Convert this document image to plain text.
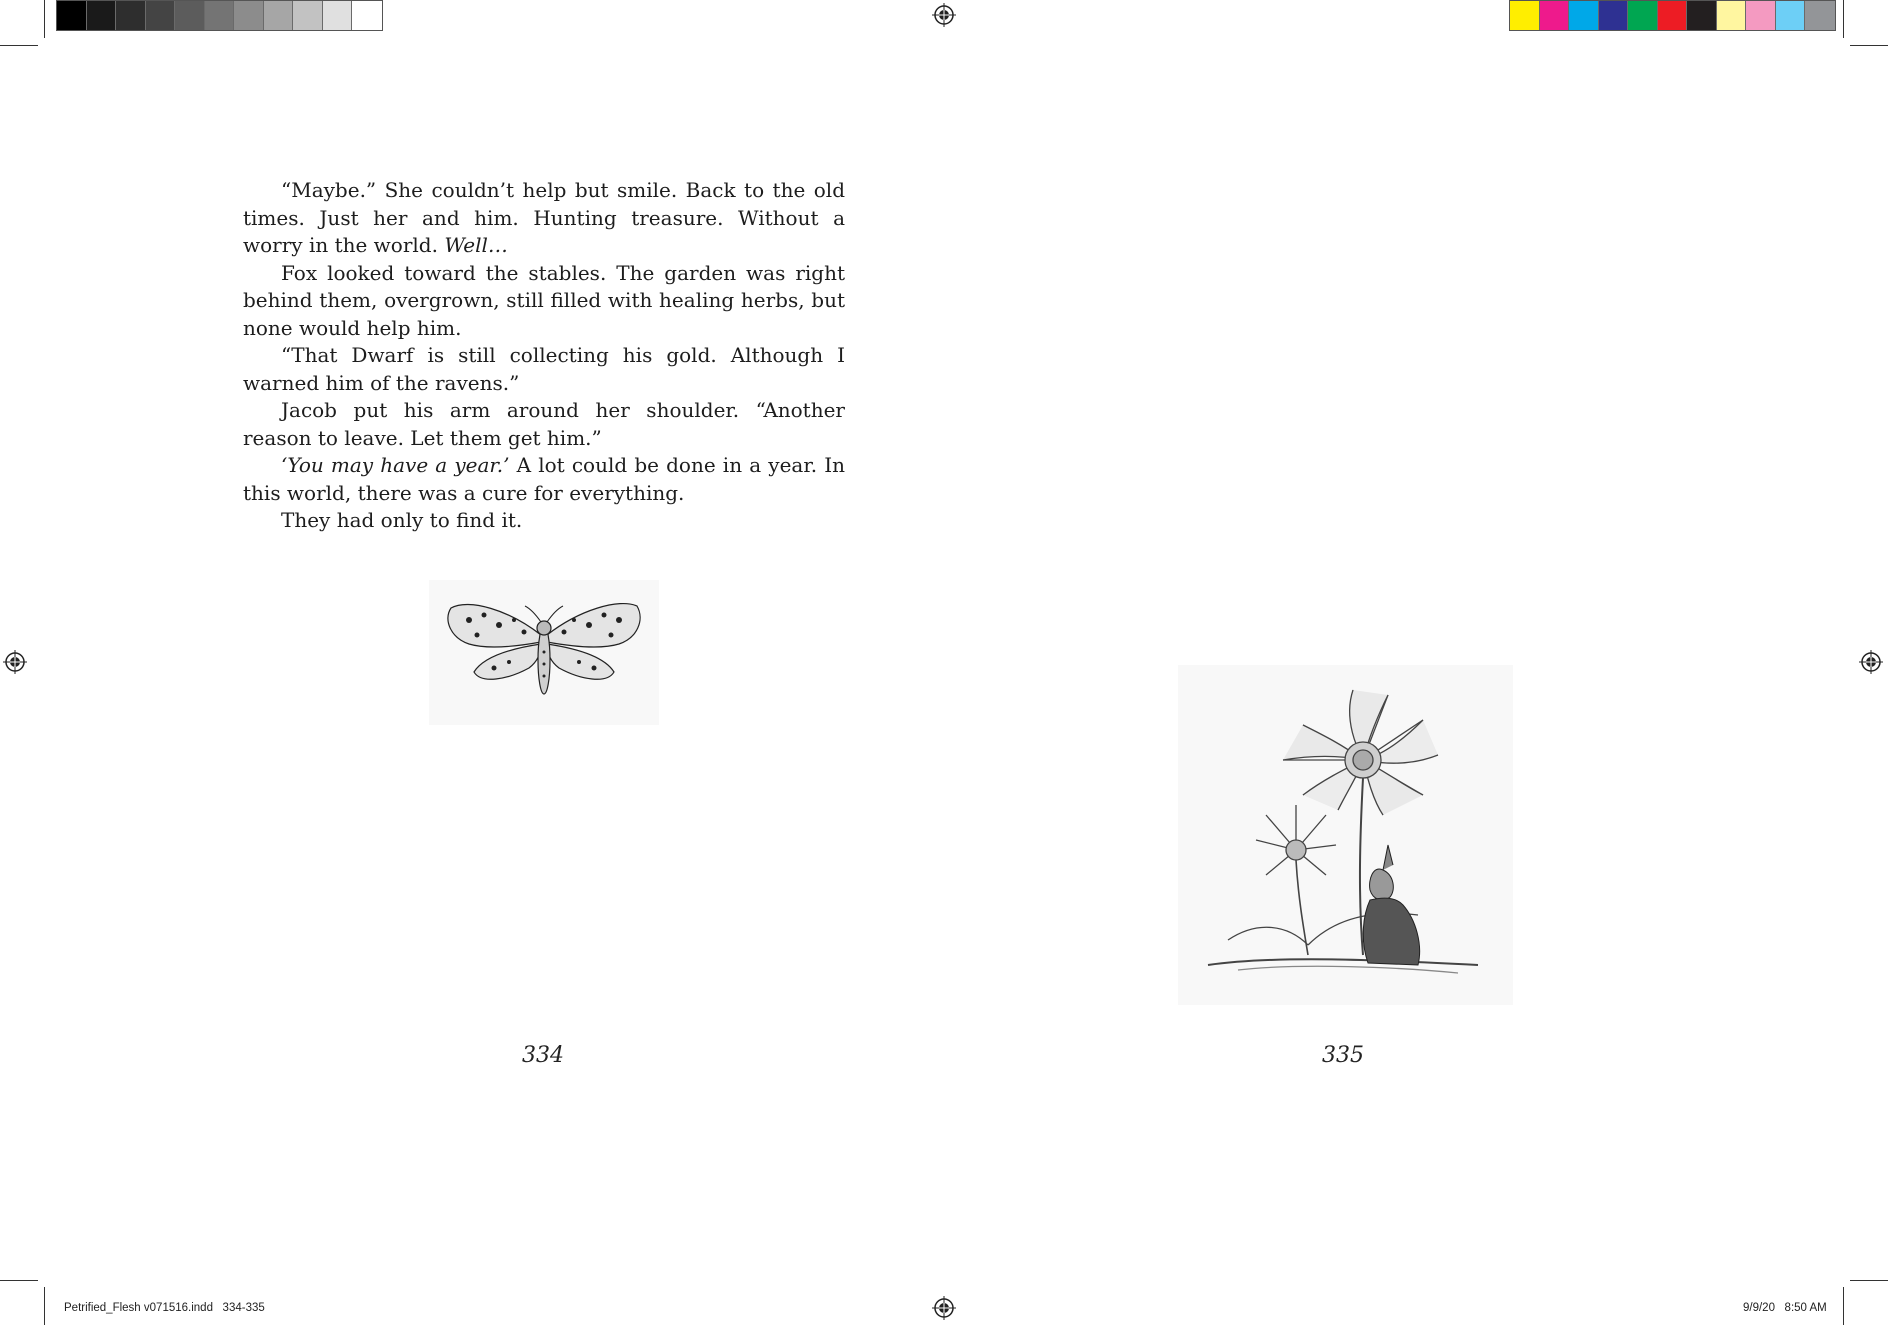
“Maybe.” She couldn’t help but smile. Back to the old times. Just her and him. Hunting treasure. Without a worry in the world. Well…

Fox looked toward the stables. The garden was right behind them, overgrown, still filled with healing herbs, but none would help him.

“That Dwarf is still collecting his gold. Although I warned him of the ravens.”

Jacob put his arm around her shoulder. “Another reason to leave. Let them get him.”

‘You may have a year.’ A lot could be done in a year. In this world, there was a cure for everything.

They had only to find it.

334	335
Petrified_Flesh v071516.indd   334-335	9/9/20   8:50 AM
